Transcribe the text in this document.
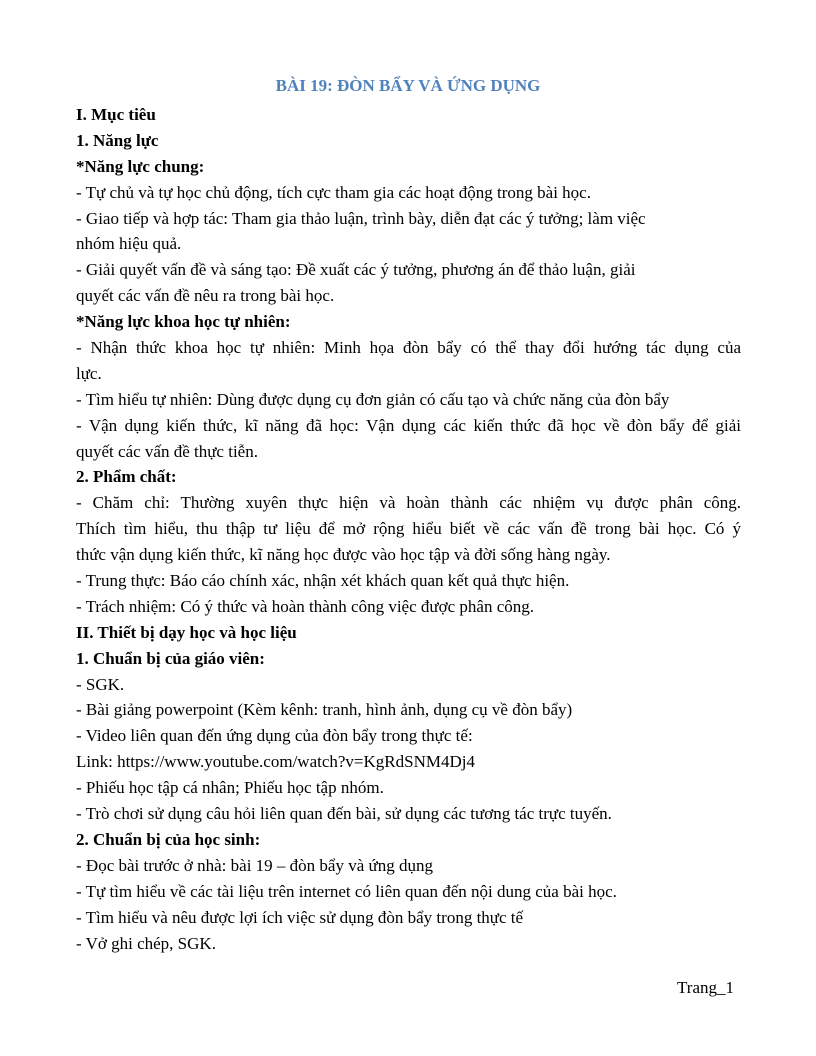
BÀI 19: ĐÒN BẨY VÀ ỨNG DỤNG
I. Mục tiêu
1. Năng lực
*Năng lực chung:
- Tự chủ và tự học chủ động, tích cực tham gia các hoạt động trong bài học.
- Giao tiếp và hợp tác: Tham gia thảo luận, trình bày, diễn đạt các ý tưởng; làm việc
nhóm hiệu quả.
- Giải quyết vấn đề và sáng tạo: Đề xuất các ý tưởng, phương án để thảo luận, giải
quyết các vấn đề nêu ra trong bài học.
*Năng lực khoa học tự nhiên:
- Nhận thức khoa học tự nhiên: Minh họa đòn bẩy có thể thay đổi hướng tác dụng của
lực.
- Tìm hiểu tự nhiên: Dùng được dụng cụ đơn giản có cấu tạo và chức năng của đòn bẩy
- Vận dụng kiến thức, kĩ năng đã học: Vận dụng các kiến thức đã học về đòn bẩy để giải
quyết các vấn đề thực tiễn.
2. Phẩm chất:
- Chăm chỉ: Thường xuyên thực hiện và hoàn thành các nhiệm vụ được phân công.
Thích tìm hiểu, thu thập tư liệu để mở rộng hiểu biết về các vấn đề trong bài học. Có ý
thức vận dụng kiến thức, kĩ năng học được vào học tập và đời sống hàng ngày.
- Trung thực: Báo cáo chính xác, nhận xét khách quan kết quả thực hiện.
- Trách nhiệm: Có ý thức và hoàn thành công việc được phân công.
II. Thiết bị dạy học và học liệu
1. Chuẩn bị của giáo viên:
- SGK.
- Bài giảng powerpoint (Kèm kênh: tranh, hình ảnh, dụng cụ về đòn bẩy)
- Video liên quan đến ứng dụng của đòn bẩy trong thực tế:
Link: https://www.youtube.com/watch?v=KgRdSNM4Dj4
- Phiếu học tập cá nhân; Phiếu học tập nhóm.
- Trò chơi sử dụng câu hỏi liên quan đến bài, sử dụng các tương tác trực tuyến.
2. Chuẩn bị của học sinh:
- Đọc bài trước ở nhà: bài 19 – đòn bẩy và ứng dụng
- Tự tìm hiểu về các tài liệu trên internet có liên quan đến nội dung của bài học.
- Tìm hiểu và nêu được lợi ích việc sử dụng đòn bẩy trong thực tế
- Vở ghi chép, SGK.
Trang_1
